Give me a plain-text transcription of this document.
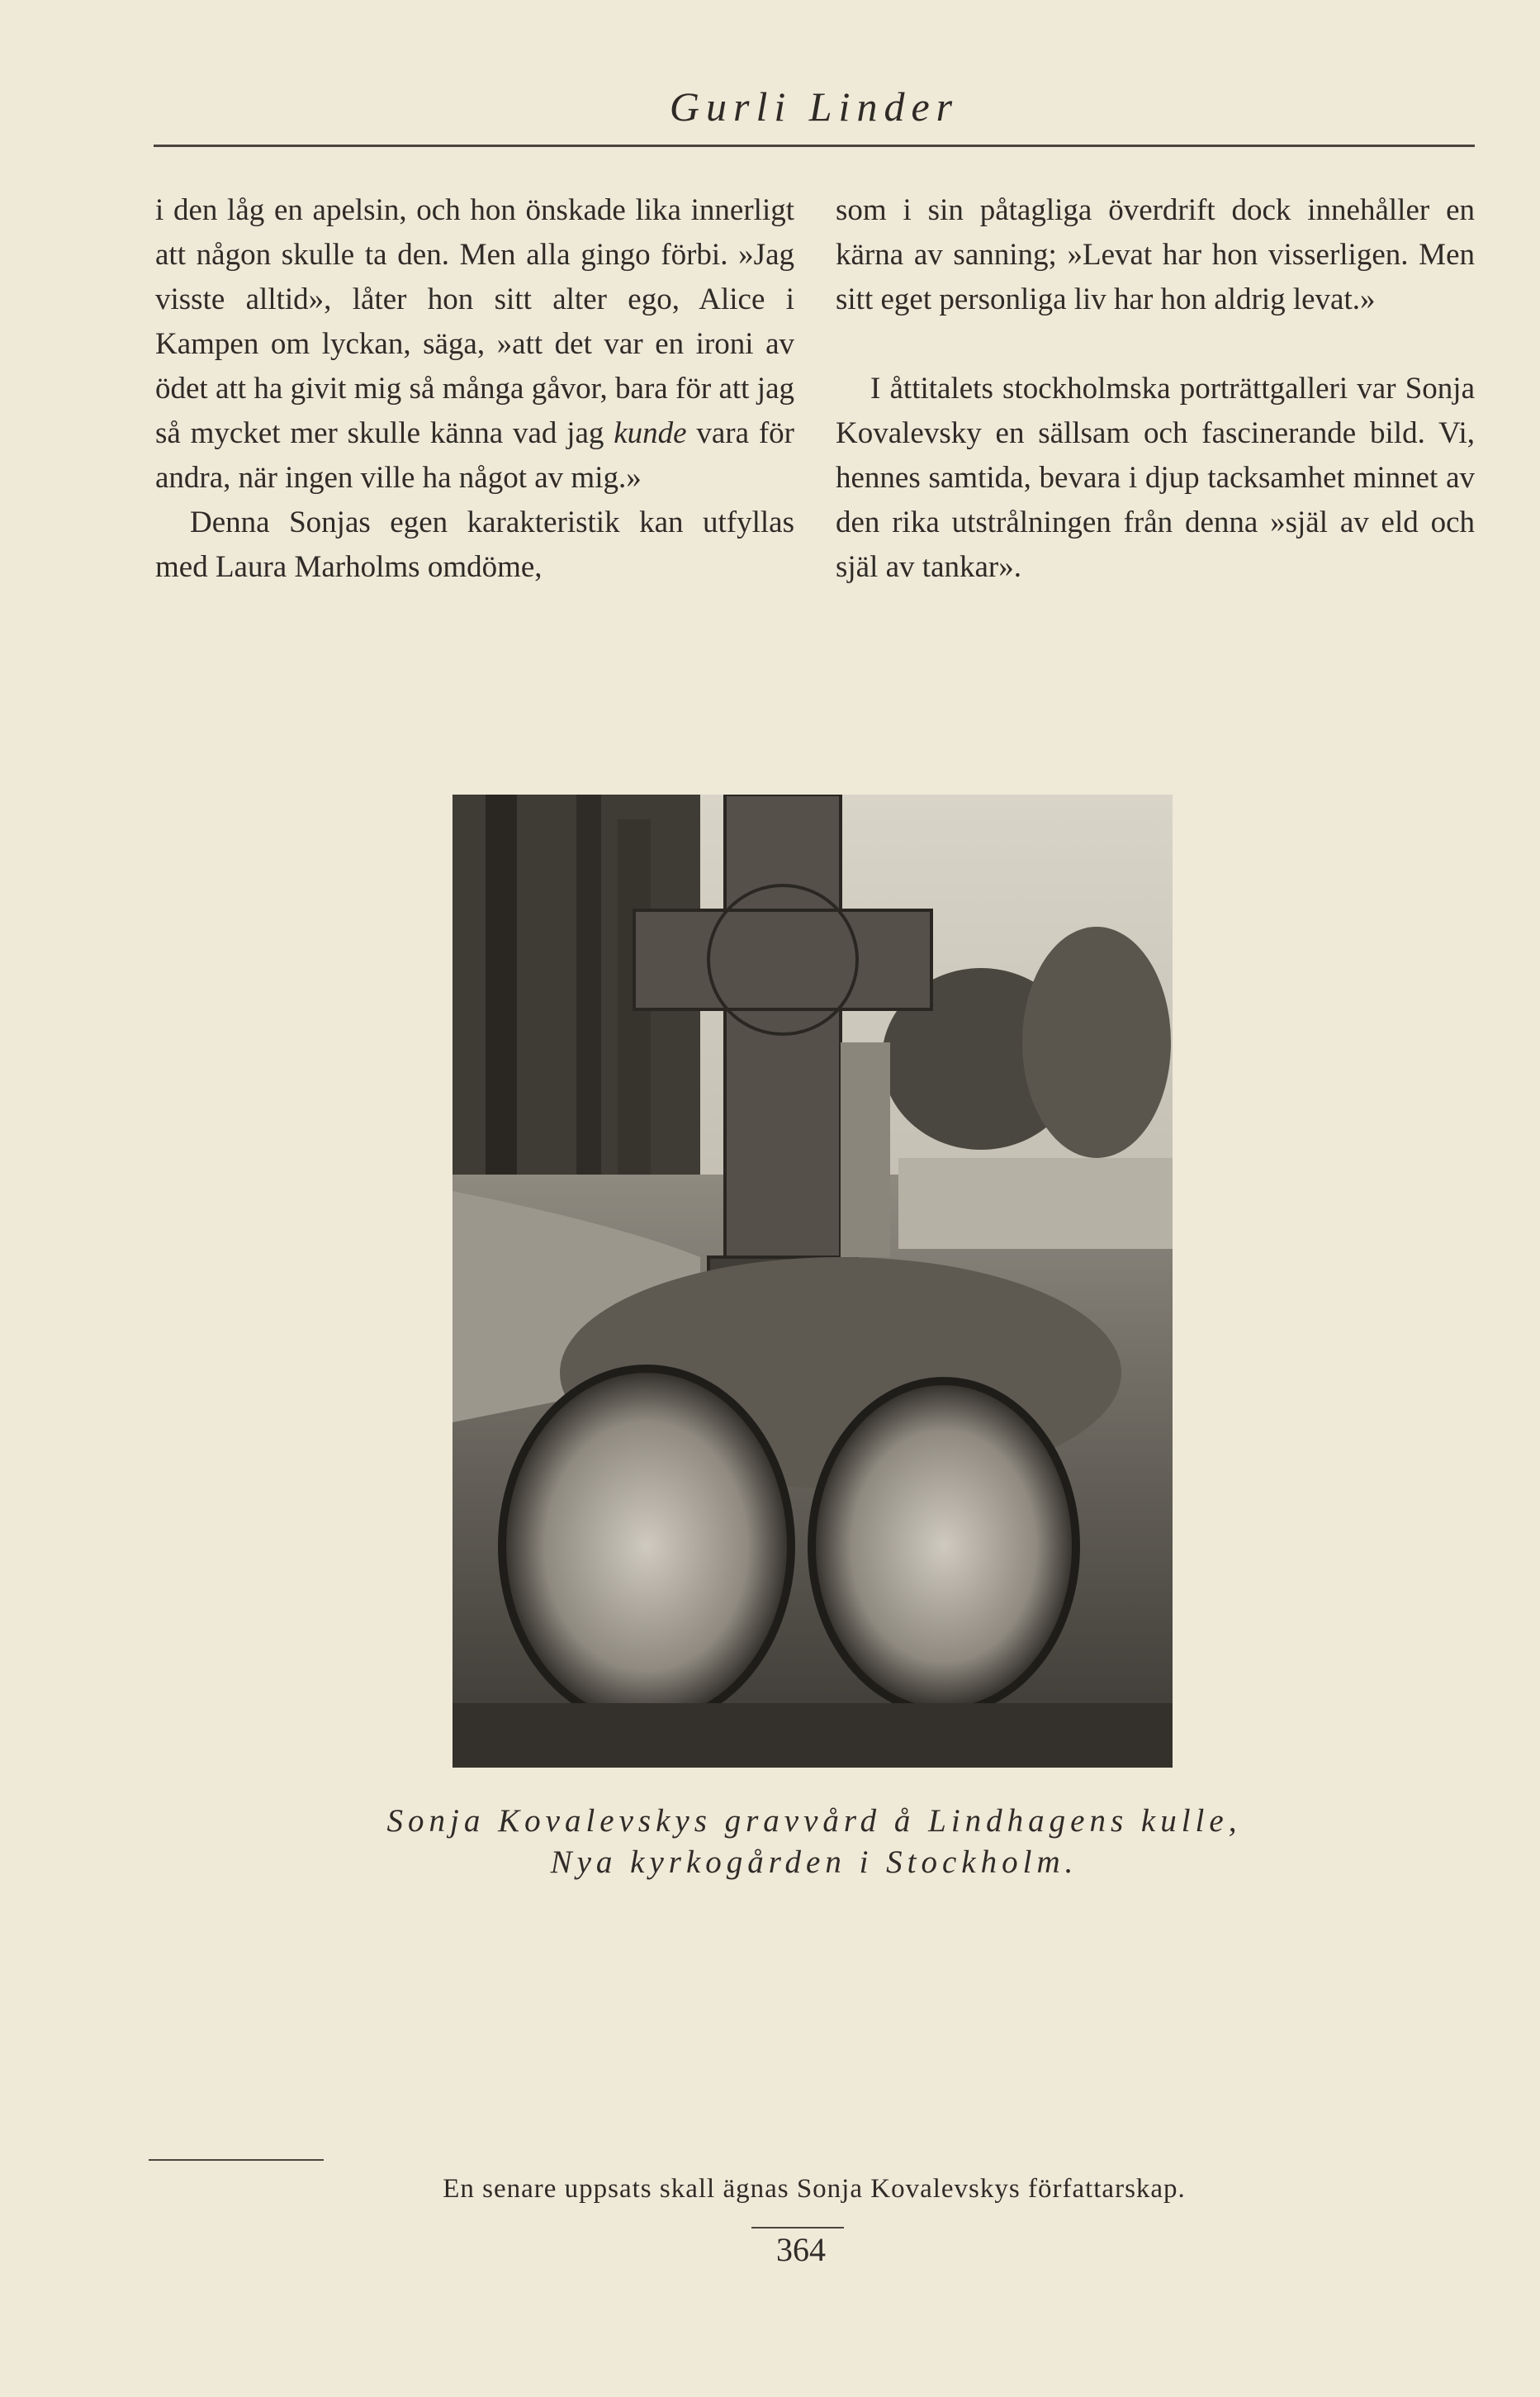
Gurli Linder

i den låg en apelsin, och hon önskade lika innerligt att någon skulle ta den. Men alla gingo förbi. »Jag visste alltid», låter hon sitt alter ego, Alice i Kampen om lyckan, säga, »att det var en ironi av ödet att ha givit mig så många gåvor, bara för att jag så mycket mer skulle känna vad jag kunde vara för andra, när ingen ville ha något av mig.»

Denna Sonjas egen karakteristik kan utfyllas med Laura Marholms omdöme,

som i sin påtagliga överdrift dock innehåller en kärna av sanning; »Levat har hon visserligen. Men sitt eget personliga liv har hon aldrig levat.»

I åttitalets stockholmska porträttgalleri var Sonja Kovalevsky en sällsam och fascinerande bild. Vi, hennes samtida, bevara i djup tacksamhet minnet av den rika utstrålningen från denna »själ av eld och själ av tankar».

Sonja Kovalevskys gravvård å Lindhagens kulle,
Nya kyrkogården i Stockholm.
En senare uppsats skall ägnas Sonja Kovalevskys författarskap.
364
